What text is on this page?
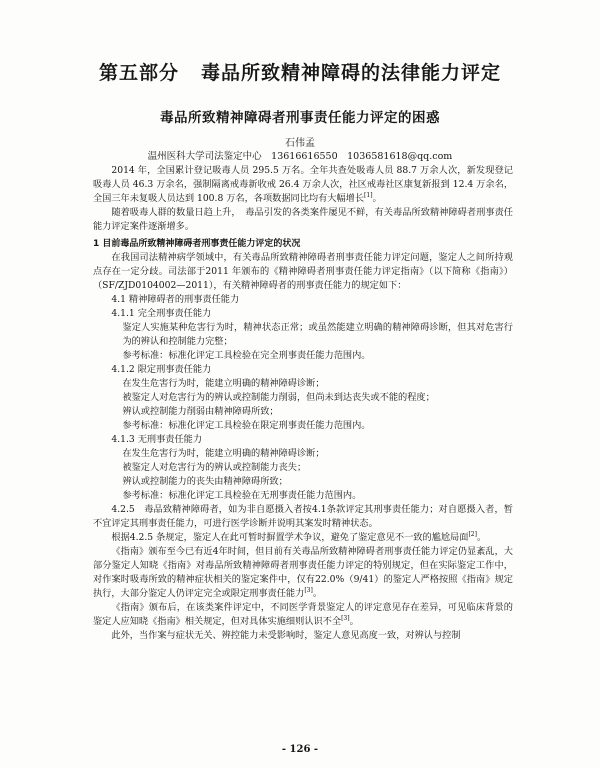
第五部分 毒品所致精神障碍的法律能力评定
毒品所致精神障碍者刑事责任能力评定的困惑
石伟孟
温州医科大学司法鉴定中心　13616616550　1036581618@qq.com

2014 年，全国累计登记吸毒人员 295.5 万名。全年共查处吸毒人员 88.7 万余人次，新发现登记吸毒人员 46.3 万余名，强制隔离戒毒新收戒 26.4 万余人次，社区戒毒社区康复新报到 12.4 万余名，全国三年未复吸人员达到 100.8 万名，各项数据同比均有大幅增长[1]。

随着吸毒人群的数量日趋上升，　毒品引发的各类案件屡见不鲜，有关毒品所致精神障碍者刑事责任能力评定案件逐渐增多。

1 目前毒品所致精神障碍者刑事责任能力评定的状况

在我国司法精神病学领域中，有关毒品所致精神障碍者刑事责任能力评定问题，鉴定人之间所持观点存在一定分歧。司法部于2011 年颁布的《精神障碍者刑事责任能力评定指南》（以下简称《指南》）（SF/ZJD0104002—2011），有关精神障碍者的刑事责任能力的规定如下：

4.1 精神障碍者的刑事责任能力

4.1.1 完全刑事责任能力

鉴定人实施某种危害行为时，精神状态正常；或虽然能建立明确的精神障碍诊断，但其对危害行为的辨认和控制能力完整；

参考标准：标准化评定工具检验在完全刑事责任能力范围内。

4.1.2 限定刑事责任能力

在发生危害行为时，能建立明确的精神障碍诊断；

被鉴定人对危害行为的辨认或控制能力削弱，但尚未到达丧失或不能的程度；

辨认或控制能力削弱由精神障碍所致；

参考标准：标准化评定工具检验在限定刑事责任能力范围内。

4.1.3 无刑事责任能力

在发生危害行为时，能建立明确的精神障碍诊断；

被鉴定人对危害行为的辨认或控制能力丧失；

辨认或控制能力的丧失由精神障碍所致；

参考标准：标准化评定工具检验在无刑事责任能力范围内。

4.2.5　毒品致精神障碍者，如为非自愿摄入者按4.1条款评定其刑事责任能力；对自愿摄入者，暂不宜评定其刑事责任能力，可进行医学诊断并说明其案发时精神状态。

根据4.2.5 条规定，鉴定人在此可暂时摒置学术争议，避免了鉴定意见不一致的尴尬局面[2]。

《指南》颁布至今已有近4年时间，但目前有关毒品所致精神障碍者刑事责任能力评定仍显紊乱，大部分鉴定人知晓《指南》对毒品所致精神障碍者刑事责任能力评定的特别规定，但在实际鉴定工作中，对作案时吸毒所致的精神症状相关的鉴定案件中，仅有22.0%（9/41）的鉴定人严格按照《指南》规定执行，大部分鉴定人仍评定完全或限定刑事责任能力[3]。

《指南》颁布后，在该类案件评定中，不同医学背景鉴定人的评定意见存在差异，可见临床背景的鉴定人应知晓《指南》相关规定，但对具体实施细则认识不全[3]。

此外，当作案与症状无关、辨控能力未受影响时，鉴定人意见高度一致，对辨认与控制

- 126 -
